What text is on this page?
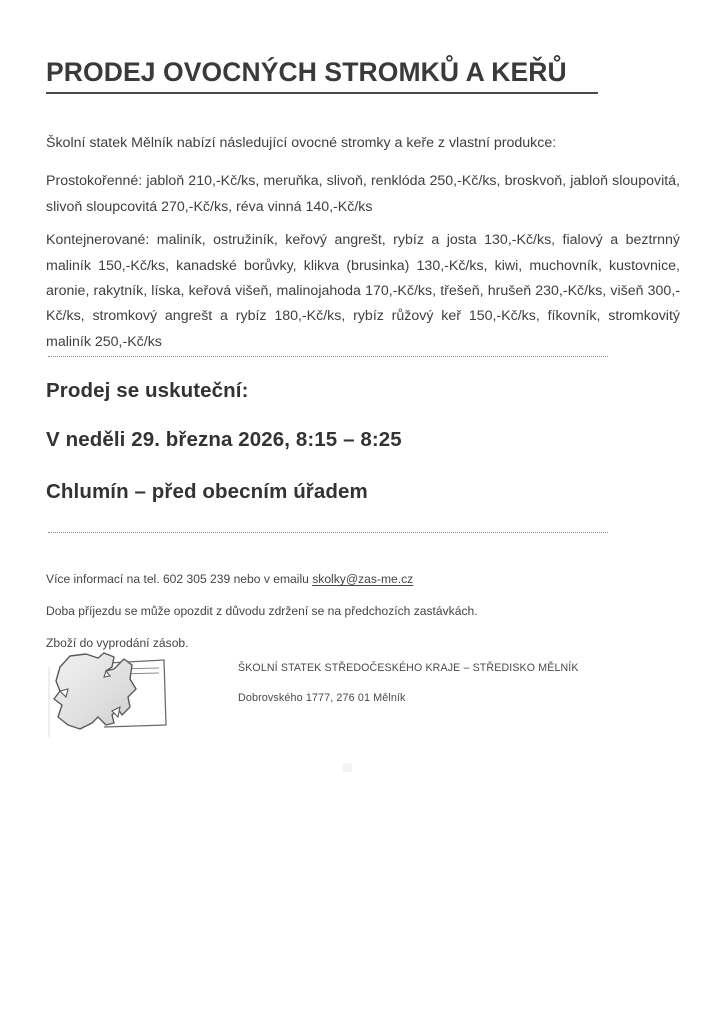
PRODEJ OVOCNÝCH STROMKŮ A KEŘŮ

Školní statek Mělník nabízí následující ovocné stromky a keře z vlastní produkce:

Prostokořenné: jabloň 210,-Kč/ks, meruňka, slivoň, renklóda 250,-Kč/ks, broskvoň, jabloň sloupovitá, slivoň sloupcovitá 270,-Kč/ks, réva vinná 140,-Kč/ks

Kontejnerované: maliník, ostružiník, keřový angrešt, rybíz a josta 130,-Kč/ks, fialový a beztrnný maliník 150,-Kč/ks, kanadské borůvky, klikva (brusinka) 130,-Kč/ks, kiwi, muchovník, kustovnice, aronie, rakytník, líska, keřová višeň, malinojahoda 170,-Kč/ks, třešeň, hrušeň 230,-Kč/ks, višeň 300,-Kč/ks, stromkový angrešt a rybíz 180,-Kč/ks, rybíz růžový keř 150,-Kč/ks, fíkovník, stromkovitý maliník 250,-Kč/ks

Prodej se uskuteční:

V neděli 29. března 2026, 8:15 – 8:25

Chlumín – před obecním úřadem

Více informací na tel. 602 305 239 nebo v emailu skolky@zas-me.cz

Doba příjezdu se může opozdit z důvodu zdržení se na předchozích zastávkách.

Zboží do vyprodání zásob.

ŠKOLNÍ STATEK STŘEDOČESKÉHO KRAJE – STŘEDISKO MĚLNÍK

Dobrovského 1777, 276 01 Mělník
